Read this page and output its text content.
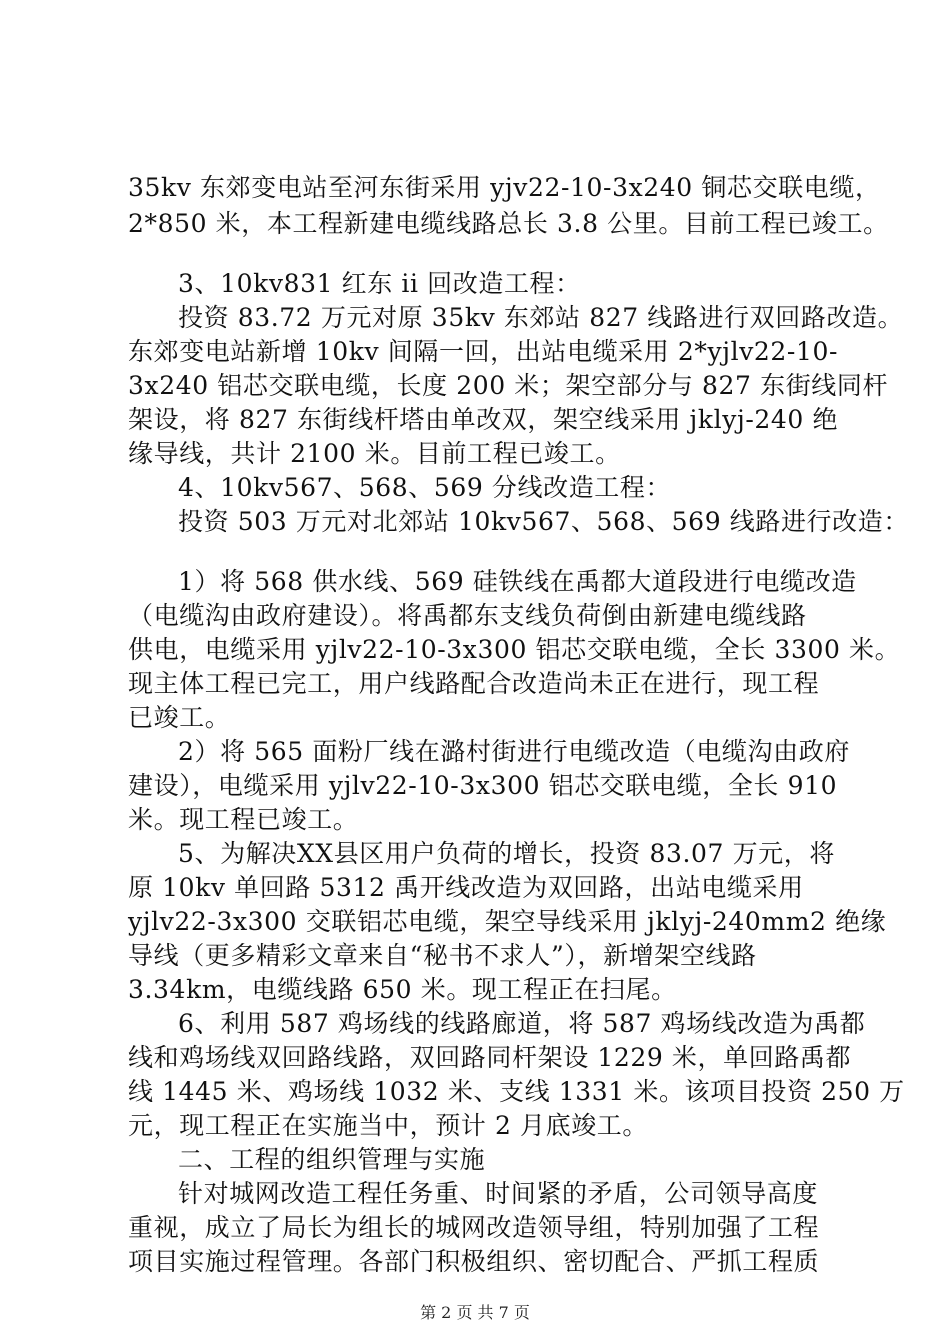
35kv 东郊变电站至河东街采用 yjv22-10-3x240 铜芯交联电缆，
2*850 米，本工程新建电缆线路总长 3.8 公里。目前工程已竣工。
3、10kv831 红东 ii 回改造工程：
投资 83.72 万元对原 35kv 东郊站 827 线路进行双回路改造。
东郊变电站新增 10kv 间隔一回，出站电缆采用 2*yjlv22-10-
3x240 铝芯交联电缆，长度 200 米；架空部分与 827 东街线同杆
架设，将 827 东街线杆塔由单改双，架空线采用 jklyj-240 绝
缘导线，共计 2100 米。目前工程已竣工。
4、10kv567、568、569 分线改造工程：
投资 503 万元对北郊站 10kv567、568、569 线路进行改造：
1）将 568 供水线、569 硅铁线在禹都大道段进行电缆改造
（电缆沟由政府建设）。将禹都东支线负荷倒由新建电缆线路
供电，电缆采用 yjlv22-10-3x300 铝芯交联电缆，全长 3300 米。
现主体工程已完工，用户线路配合改造尚未正在进行，现工程
已竣工。
2）将 565 面粉厂线在潞村街进行电缆改造（电缆沟由政府
建设），电缆采用 yjlv22-10-3x300 铝芯交联电缆，全长 910
米。现工程已竣工。
5、为解决XX县区用户负荷的增长，投资 83.07 万元，将
原 10kv 单回路 5312 禹开线改造为双回路，出站电缆采用
yjlv22-3x300 交联铝芯电缆，架空导线采用 jklyj-240mm2 绝缘
导线（更多精彩文章来自“秘书不求人”），新增架空线路
3.34km，电缆线路 650 米。现工程正在扫尾。
6、利用 587 鸡场线的线路廊道，将 587 鸡场线改造为禹都
线和鸡场线双回路线路，双回路同杆架设 1229 米，单回路禹都
线 1445 米、鸡场线 1032 米、支线 1331 米。该项目投资 250 万
元，现工程正在实施当中，预计 2 月底竣工。
二、工程的组织管理与实施
针对城网改造工程任务重、时间紧的矛盾，公司领导高度
重视，成立了局长为组长的城网改造领导组，特别加强了工程
项目实施过程管理。各部门积极组织、密切配合、严抓工程质
第 2 页 共 7 页
